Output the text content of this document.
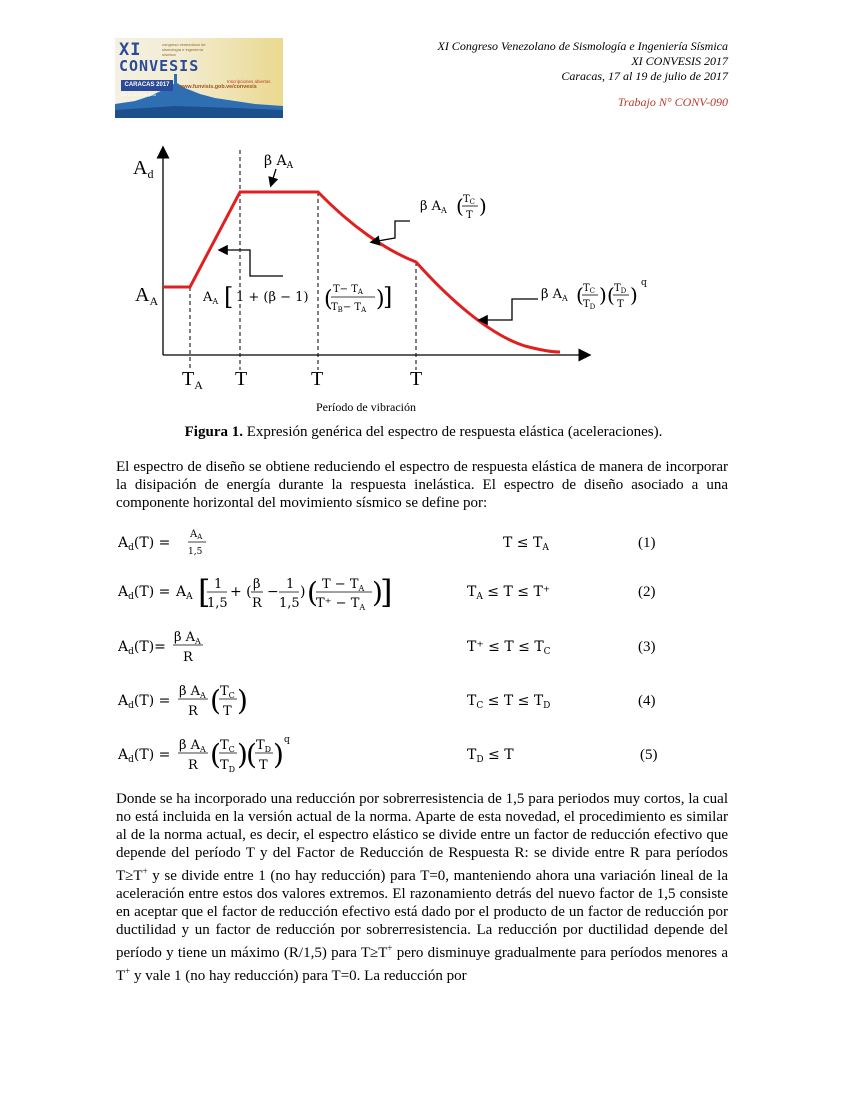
XI
CONVESIS
congreso venezolano de sismología e ingeniería sísmica
CARACAS 2017
Del 17 al 19 de julio
Inscripciones abiertas
www.funvisis.gob.ve/convesis
XI Congreso Venezolano de Sismología e Ingeniería Sísmica
XI CONVESIS 2017
Caracas, 17 al 19 de julio de 2017
Trabajo N° CONV-090
$A_d$
$A_A$
$T_A$ T	T	T
Período de vibración
β $A_A$
β $A_A$ ( $T_C$
T )
$A_A$ [ 1 + (β − 1) ( $T- T_A$
$T_B- T_A$ )
]	β $A_A$ ( $T_C$
$T_D$ ) ( $T_D$
T ) q
Figura 1. Expresión genérica del espectro de respuesta elástica (aceleraciones).
El espectro de diseño se obtiene reduciendo el espectro de respuesta elástica de manera de incorporar la disipación de energía durante la respuesta inelástica. El espectro de diseño asociado a una componente horizontal del movimiento sísmico se define por:
$A_d(T)$ =
$A_A$
1,5
$T \le T_A$	(1)
$A_d(T) = A_A$ [ 1
1,5
+ ( β
R
− 1
1,5
) ( $T - T_A$
$T^+ - T_A$ )
]	$T_A \le T \le T^+$	(2)
$A_d(T)=$
β $A_A$
R
$T^+ \le T \le T_C$	(3)
$A_d(T)$ =
β $A_A$
R ( $T_C$
T )	$T_C \le T \le T_D$	(4)
$A_d(T)$ =
β $A_A$
R ( $T_C$
$T_D$ )
( $T_D$
T ) q
$T_D \le T$	(5)
Donde se ha incorporado una reducción por sobrerresistencia de 1,5 para periodos muy cortos, la cual no está incluida en la versión actual de la norma. Aparte de esta novedad, el procedimiento es similar al de la norma actual, es decir, el espectro elástico se divide entre un factor de reducción efectivo que depende del período T y del Factor de Reducción de Respuesta R: se divide entre R para períodos T≥T+ y se divide entre 1 (no hay reducción) para T=0, manteniendo ahora una variación lineal de la aceleración entre estos dos valores extremos. El razonamiento detrás del nuevo factor de 1,5 consiste en aceptar que el factor de reducción efectivo está dado por el producto de un factor de reducción por ductilidad y un factor de reducción por sobrerresistencia. La reducción por ductilidad depende del período y tiene un máximo (R/1,5) para T≥T+ pero disminuye gradualmente para períodos menores a T+ y vale 1 (no hay reducción) para T=0. La reducción por
